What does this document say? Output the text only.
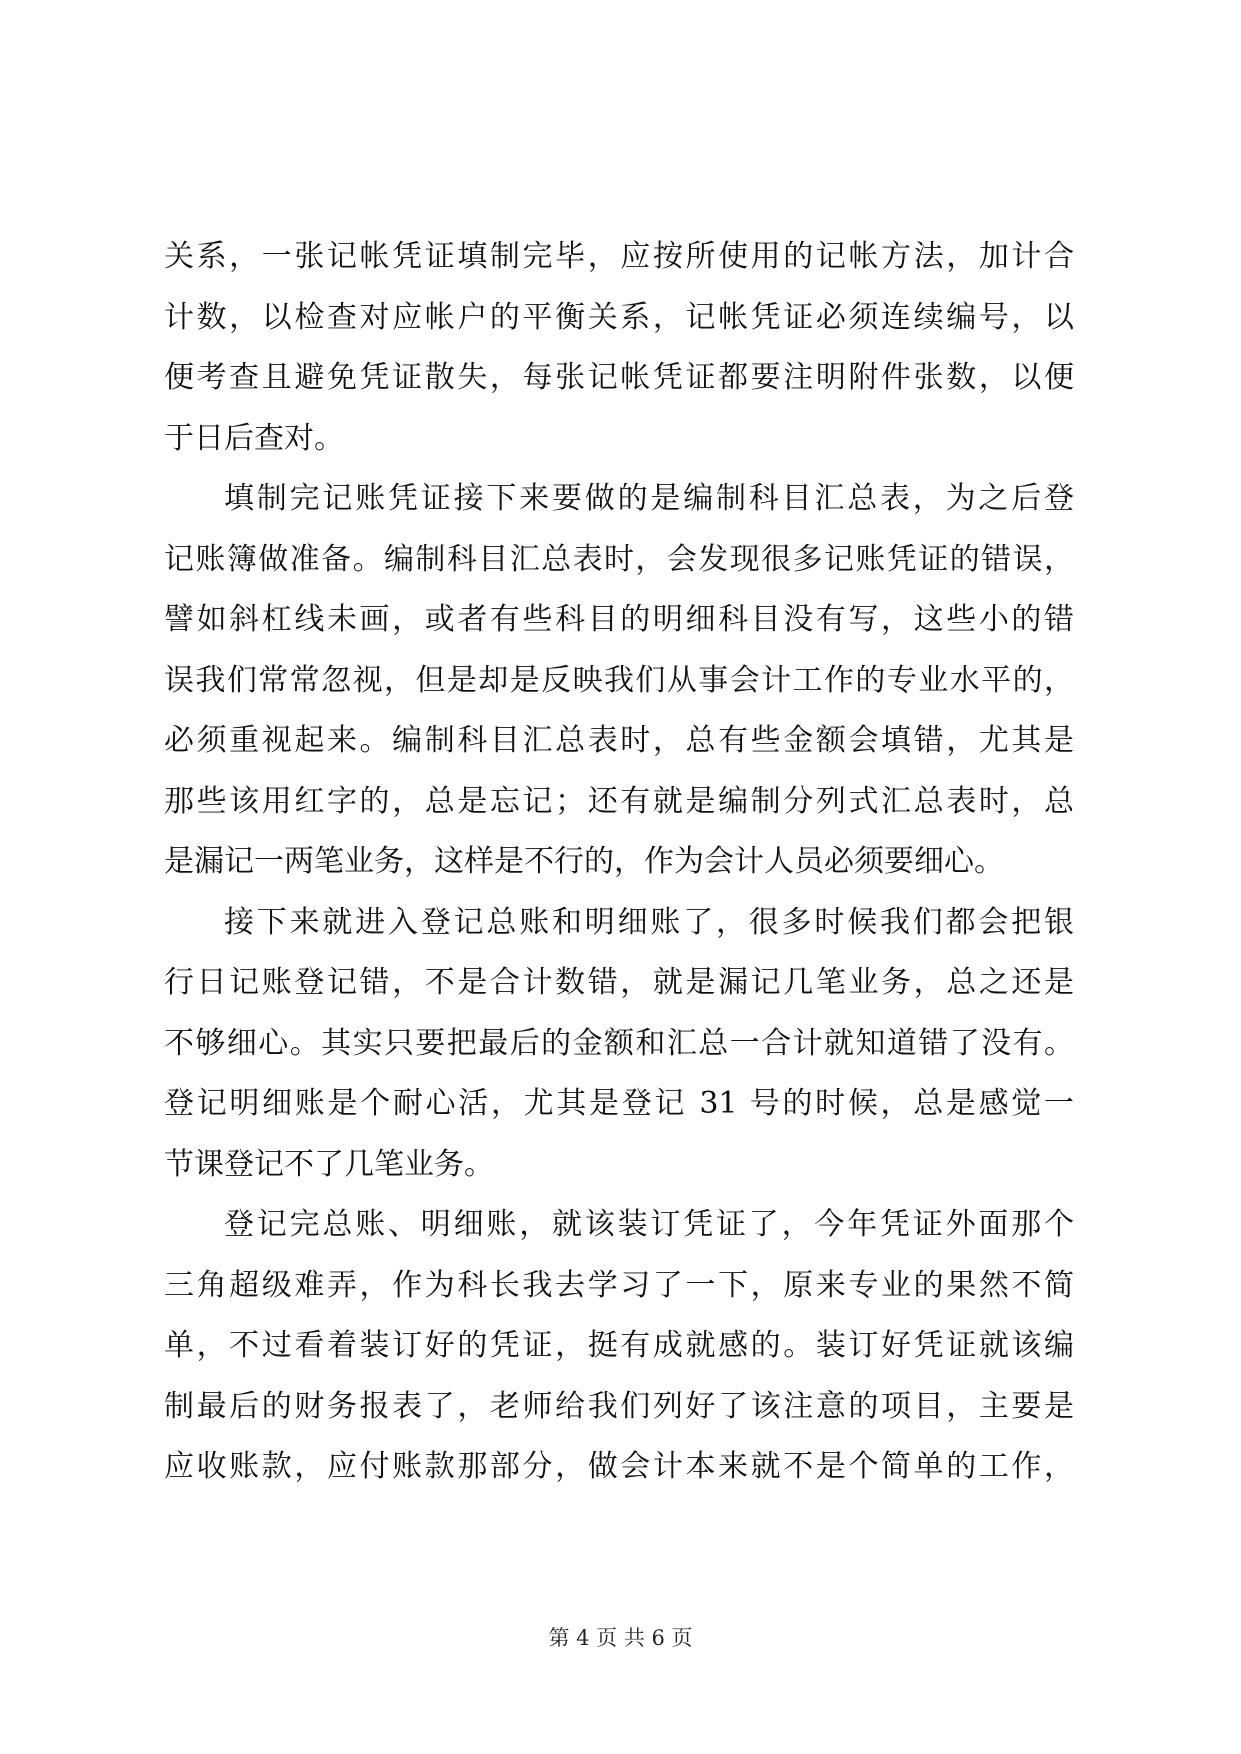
关系，一张记帐凭证填制完毕，应按所使用的记帐方法，加计合
计数，以检查对应帐户的平衡关系，记帐凭证必须连续编号，以
便考查且避免凭证散失，每张记帐凭证都要注明附件张数，以便
于日后查对。
填制完记账凭证接下来要做的是编制科目汇总表，为之后登
记账簿做准备。编制科目汇总表时，会发现很多记账凭证的错误，
譬如斜杠线未画，或者有些科目的明细科目没有写，这些小的错
误我们常常忽视，但是却是反映我们从事会计工作的专业水平的，
必须重视起来。编制科目汇总表时，总有些金额会填错，尤其是
那些该用红字的，总是忘记；还有就是编制分列式汇总表时，总
是漏记一两笔业务，这样是不行的，作为会计人员必须要细心。
接下来就进入登记总账和明细账了，很多时候我们都会把银
行日记账登记错，不是合计数错，就是漏记几笔业务，总之还是
不够细心。其实只要把最后的金额和汇总一合计就知道错了没有。
登记明细账是个耐心活，尤其是登记 31 号的时候，总是感觉一
节课登记不了几笔业务。
登记完总账、明细账，就该装订凭证了，今年凭证外面那个
三角超级难弄，作为科长我去学习了一下，原来专业的果然不简
单，不过看着装订好的凭证，挺有成就感的。装订好凭证就该编
制最后的财务报表了，老师给我们列好了该注意的项目，主要是
应收账款，应付账款那部分，做会计本来就不是个简单的工作，
第 4 页 共 6 页
